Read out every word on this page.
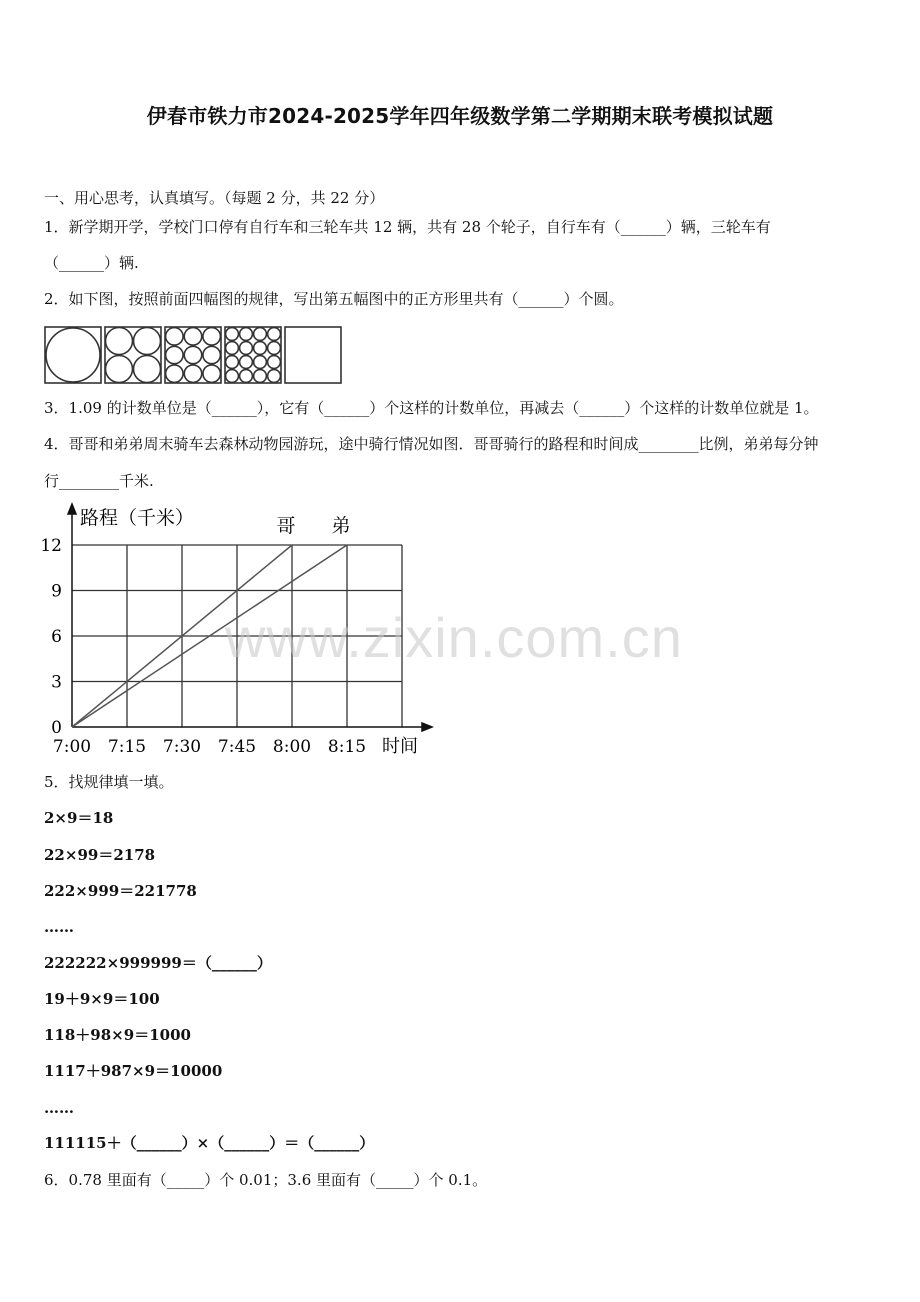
伊春市铁力市2024-2025学年四年级数学第二学期期末联考模拟试题
一、用心思考，认真填写。（每题 2 分，共 22 分）
1．新学期开学，学校门口停有自行车和三轮车共 12 辆，共有 28 个轮子，自行车有（______）辆，三轮车有
（______）辆.
2．如下图，按照前面四幅图的规律，写出第五幅图中的正方形里共有（______）个圆。
3．1.09 的计数单位是（______），它有（______）个这样的计数单位，再减去（______）个这样的计数单位就是 1。
4．哥哥和弟弟周末骑车去森林动物园游玩，途中骑行情况如图．哥哥骑行的路程和时间成________比例，弟弟每分钟
行________千米.
0
3
6
9
12
7:00 7:15 7:30 7:45 8:00 8:15
路程（千米）
时间
哥 弟
5．找规律填一填。
2×9＝18
22×99＝2178
222×999＝221778
……
222222×999999＝（______）
19＋9×9＝100
118＋98×9＝1000
1117＋987×9＝10000
……
111115＋（______）×（______）＝（______）
6．0.78 里面有（_____）个 0.01；3.6 里面有（_____）个 0.1。
www.zixin.com.cn
